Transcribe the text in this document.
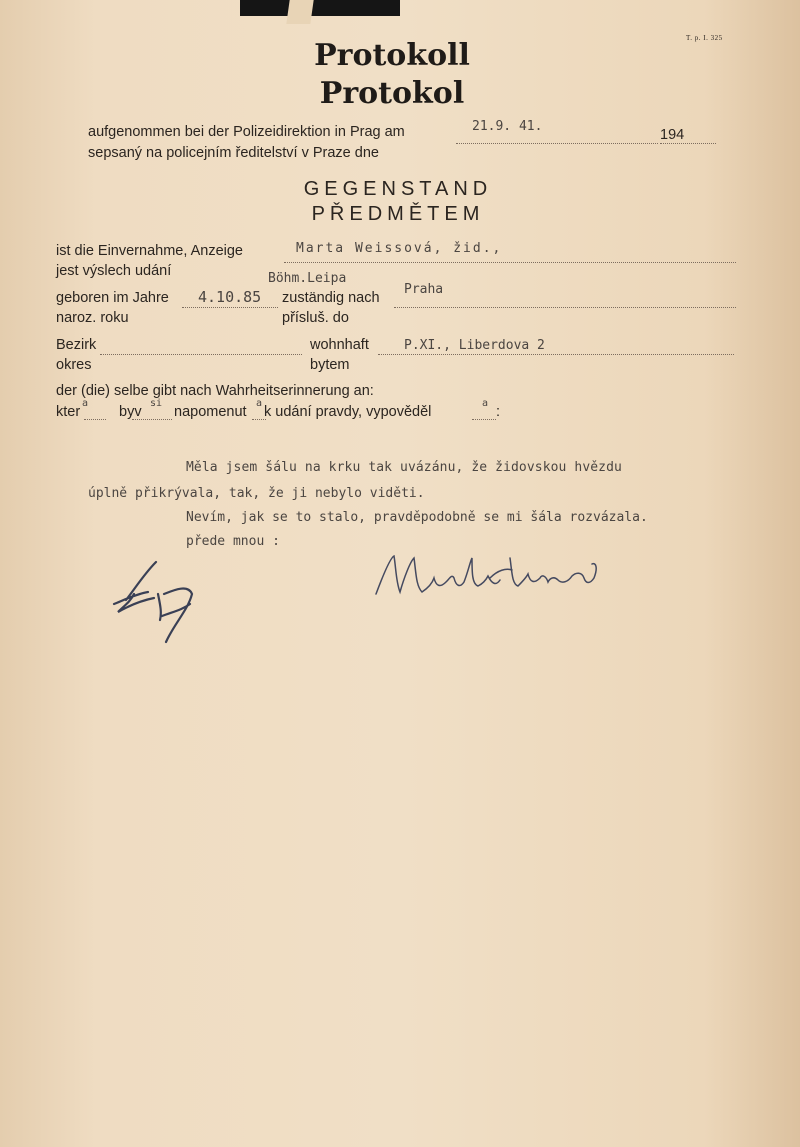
T. p. I. 325
Protokoll
Protokol
aufgenommen bei der Polizeidirektion in Prag am
sepsaný na policejním ředitelství v Praze dne
21.9. 41.
194
GEGENSTAND
PŘEDMĚTEM
ist die Einvernahme, Anzeige
jest výslech udání
Marta Weissová, žid.,
geboren im Jahre
naroz. roku
4.10.85 zuständig nach
přísluš. do
Böhm.Leipa
Praha
Bezirk
okres
wohnhaft
bytem
P.XI., Liberdova 2
der (die) selbe gibt nach Wahrheitserinnerung an:
kter
a
byv
si
napomenut
a
k udání pravdy, vypověděl
a
:
Měla jsem šálu na krku tak uvázánu, že židovskou hvězdu
úplně přikrývala, tak, že ji nebylo viděti.
Nevím, jak se to stalo, pravděpodobně se mi šála rozvázala.
přede mnou :
